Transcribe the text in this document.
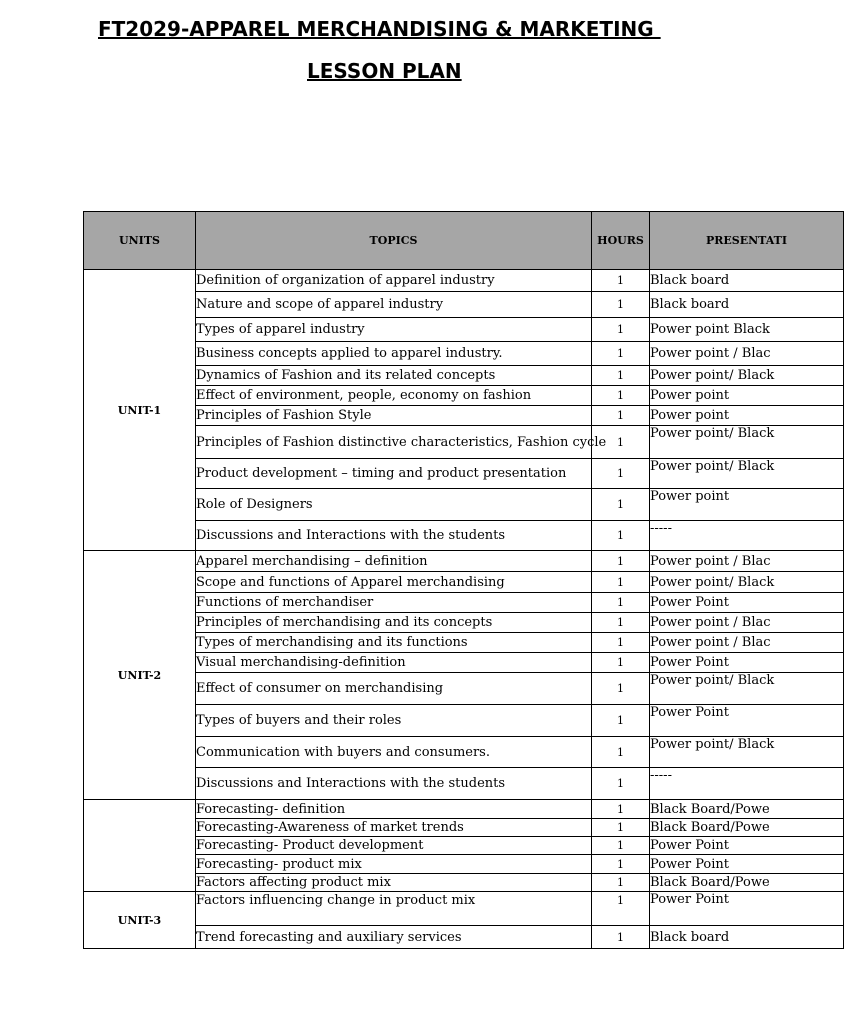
FT2029-APPAREL MERCHANDISING & MARKETING
LESSON PLAN
UNITS	TOPICS	HOURS	PRESENTATI
UNIT-1	Definition of organization of apparel industry	1	Black board
	Nature and scope of apparel industry	1	Black board
	Types of apparel industry	1	Power point Black
	Business concepts applied to apparel industry.	1	Power point / Blac
	Dynamics of Fashion and its related concepts	1	Power point/ Black
	Effect of environment, people, economy on fashion	1	Power point
	Principles of Fashion Style	1	Power point
	Principles of Fashion distinctive characteristics, Fashion cycle	1	Power point/ Black
	Product development – timing and product presentation	1	Power point/ Black
	Role of Designers	1	Power point
	Discussions and Interactions with the students	1	-----
UNIT-2	Apparel merchandising – definition	1	Power point / Blac
	Scope and functions of Apparel merchandising	1	Power point/ Black
	Functions of merchandiser	1	Power Point
	Principles of merchandising and its concepts	1	Power point / Blac
	Types of merchandising and its functions	1	Power point / Blac
	Visual merchandising-definition	1	Power Point
	Effect of consumer on merchandising	1	Power point/ Black
	Types of buyers and their roles	1	Power Point
	Communication with buyers and consumers.	1	Power point/ Black
	Discussions and Interactions with the students	1	-----
	Forecasting- definition	1	Black Board/Powe
	Forecasting-Awareness of market trends	1	Black Board/Powe
	Forecasting- Product development	1	Power Point
	Forecasting- product mix	1	Power Point
	Factors affecting product mix	1	Black Board/Powe
UNIT-3	Factors influencing change in product mix	1	Power Point
	Trend forecasting and auxiliary services	1	Black board
